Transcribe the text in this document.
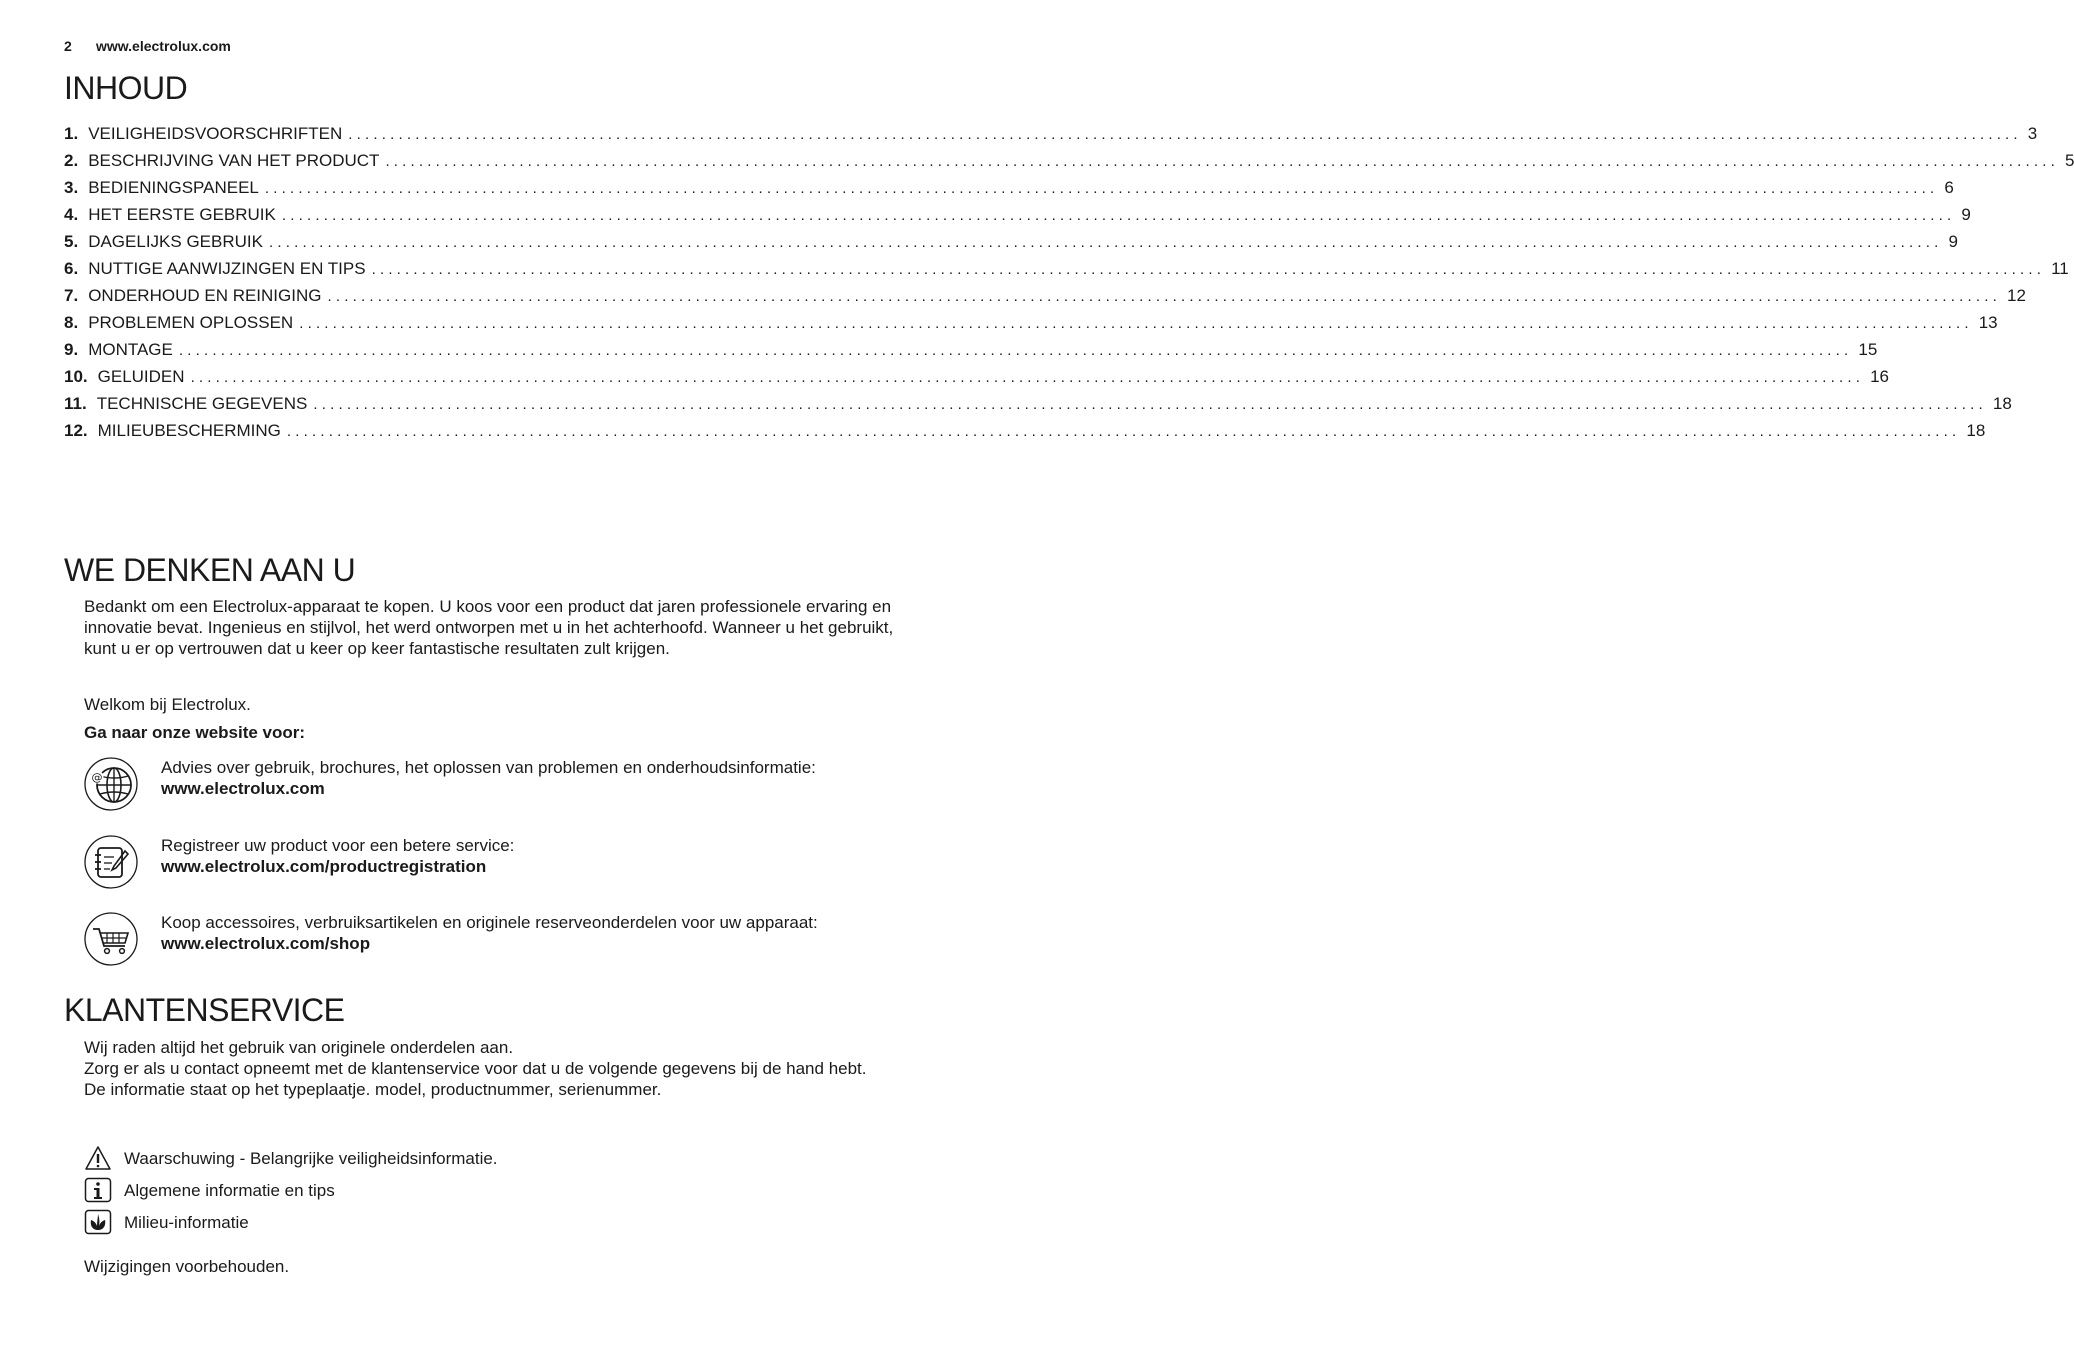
2 www.electrolux.com
INHOUD
1. VEILIGHEIDSVOORSCHRIFTEN ........................................................................................................................................................................................................ 3
2. BESCHRIJVING VAN HET PRODUCT ........................................................................................................................................................................................................ 5
3. BEDIENINGSPANEEL ........................................................................................................................................................................................................ 6
4. HET EERSTE GEBRUIK ........................................................................................................................................................................................................ 9
5. DAGELIJKS GEBRUIK ........................................................................................................................................................................................................ 9
6. NUTTIGE AANWIJZINGEN EN TIPS ........................................................................................................................................................................................................ 11
7. ONDERHOUD EN REINIGING ........................................................................................................................................................................................................ 12
8. PROBLEMEN OPLOSSEN ........................................................................................................................................................................................................ 13
9. MONTAGE ........................................................................................................................................................................................................ 15
10. GELUIDEN ........................................................................................................................................................................................................ 16
11. TECHNISCHE GEGEVENS ........................................................................................................................................................................................................ 18
12. MILIEUBESCHERMING ........................................................................................................................................................................................................ 18
WE DENKEN AAN U

Bedankt om een Electrolux-apparaat te kopen. U koos voor een product dat jaren professionele ervaring en innovatie bevat. Ingenieus en stijlvol, het werd ontworpen met u in het achterhoofd. Wanneer u het gebruikt, kunt u er op vertrouwen dat u keer op keer fantastische resultaten zult krijgen.

Welkom bij Electrolux.

Ga naar onze website voor:
@
Advies over gebruik, brochures, het oplossen van problemen en onderhoudsinformatie:
www.electrolux.com
Registreer uw product voor een betere service:
www.electrolux.com/productregistration
Koop accessoires, verbruiksartikelen en originele reserveonderdelen voor uw apparaat:
www.electrolux.com/shop
KLANTENSERVICE

Wij raden altijd het gebruik van originele onderdelen aan.

Zorg er als u contact opneemt met de klantenservice voor dat u de volgende gegevens bij de hand hebt.

De informatie staat op het typeplaatje. model, productnummer, serienummer.

Waarschuwing - Belangrijke veiligheidsinformatie.
Algemene informatie en tips
Milieu-informatie
Wijzigingen voorbehouden.
